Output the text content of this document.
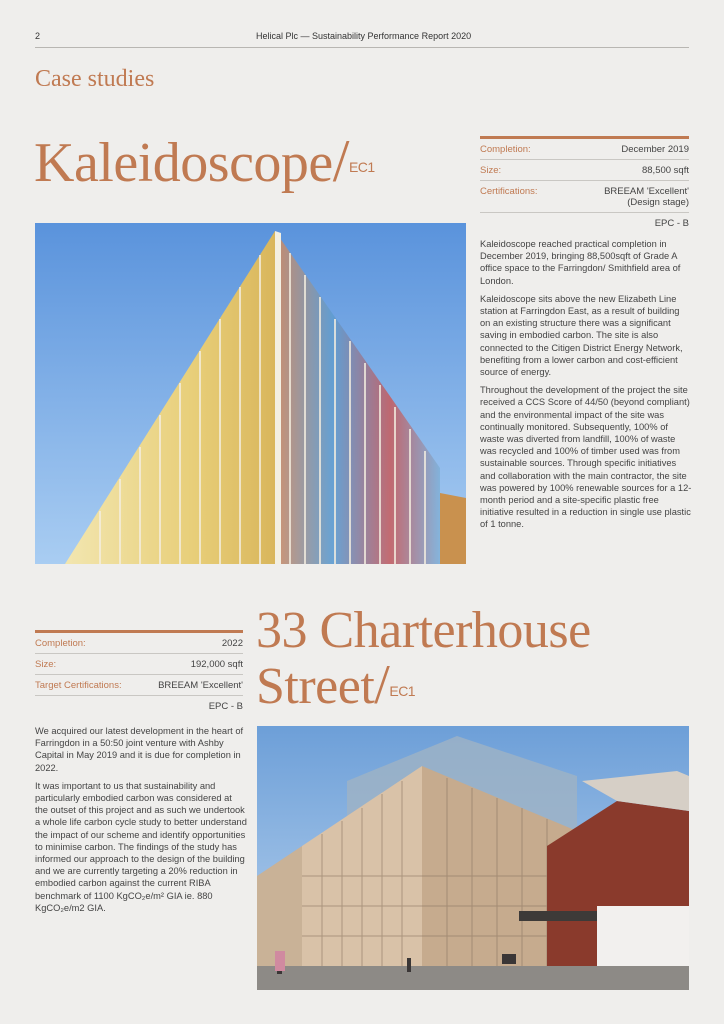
2	Helical Plc — Sustainability Performance Report 2020
Case studies
Kaleidoscope/$^{EC1}$
Completion:	December 2019
Size:	88,500 sqft
Certifications:	BREEAM 'Excellent' (Design stage)
EPC - B

Kaleidoscope reached practical completion in December 2019, bringing 88,500sqft of Grade A office space to the Farringdon/ Smithfield area of London.

Kaleidoscope sits above the new Elizabeth Line station at Farringdon East, as a result of building on an existing structure there was a significant saving in embodied carbon. The site is also connected to the Citigen District Energy Network, benefiting from a lower carbon and cost-efficient source of energy.

Throughout the development of the project the site received a CCS Score of 44/50 (beyond compliant) and the environmental impact of the site was continually monitored. Subsequently, 100% of waste was diverted from landfill, 100% of waste was recycled and 100% of timber used was from sustainable sources. Through specific initiatives and collaboration with the main contractor, the site was powered by 100% renewable sources for a 12-month period and a site-specific plastic free initiative resulted in a reduction in single use plastic of 1 tonne.

Completion:	2022
Size:	192,000 sqft
Target Certifications:	BREEAM 'Excellent'
EPC - B
33 Charterhouse
Street/$^{EC1}$

We acquired our latest development in the heart of Farringdon in a 50:50 joint venture with Ashby Capital in May 2019 and it is due for completion in 2022.

It was important to us that sustainability and particularly embodied carbon was considered at the outset of this project and as such we undertook a whole life carbon cycle study to better understand the impact of our scheme and identify opportunities to minimise carbon. The findings of the study has informed our approach to the design of the building and we are currently targeting a 20% reduction in embodied carbon against the current RIBA benchmark of 1100 KgCO₂e/m² GIA ie. 880 KgCO₂e/m2 GIA.
